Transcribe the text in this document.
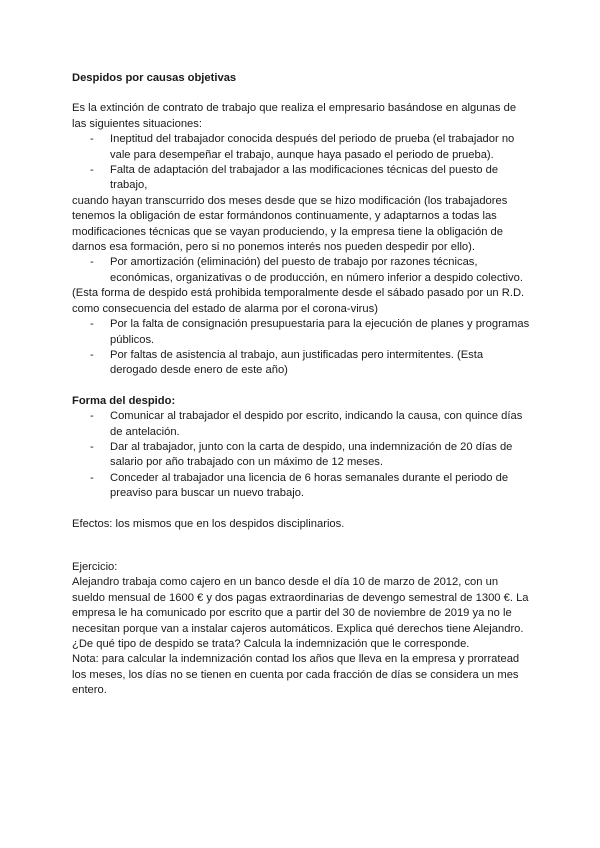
Despidos por causas objetivas

Es la extinción de contrato de trabajo que realiza el empresario basándose en algunas de las siguientes situaciones:

- Ineptitud del trabajador conocida después del periodo de prueba (el trabajador no vale para desempeñar el trabajo, aunque haya pasado el periodo de prueba).
- Falta de adaptación del trabajador a las modificaciones técnicas del puesto de trabajo,

cuando hayan transcurrido dos meses desde que se hizo modificación (los trabajadores tenemos la obligación de estar formándonos continuamente, y adaptarnos a todas las modificaciones técnicas que se vayan produciendo, y la empresa tiene la obligación de darnos esa formación, pero si no ponemos interés nos pueden despedir por ello).

- Por amortización (eliminación) del puesto de trabajo por razones técnicas, económicas, organizativas o de producción, en número inferior a despido colectivo.

(Esta forma de despido está prohibida temporalmente desde el sábado pasado por un R.D. como consecuencia del estado de alarma por el corona-virus)

- Por la falta de consignación presupuestaria para la ejecución de planes y programas públicos.
- Por faltas de asistencia al trabajo, aun justificadas pero intermitentes. (Esta derogado desde enero de este año)

Forma del despido:

- Comunicar al trabajador el despido por escrito, indicando la causa, con quince días de antelación.
- Dar al trabajador, junto con la carta de despido, una indemnización de 20 días de salario por año trabajado con un máximo de 12 meses.
- Conceder al trabajador una licencia de 6 horas semanales durante el periodo de preaviso para buscar un nuevo trabajo.

Efectos: los mismos que en los despidos disciplinarios.

Ejercicio:

Alejandro trabaja como cajero en un banco desde el día 10 de marzo de 2012, con un sueldo mensual de 1600 € y dos pagas extraordinarias de devengo semestral de 1300 €. La empresa le ha comunicado por escrito que a partir del 30 de noviembre de 2019 ya no le necesitan porque van a instalar cajeros automáticos. Explica qué derechos tiene Alejandro.

¿De qué tipo de despido se trata? Calcula la indemnización que le corresponde.

Nota: para calcular la indemnización contad los años que lleva en la empresa y prorratead los meses, los días no se tienen en cuenta por cada fracción de días se considera un mes entero.
